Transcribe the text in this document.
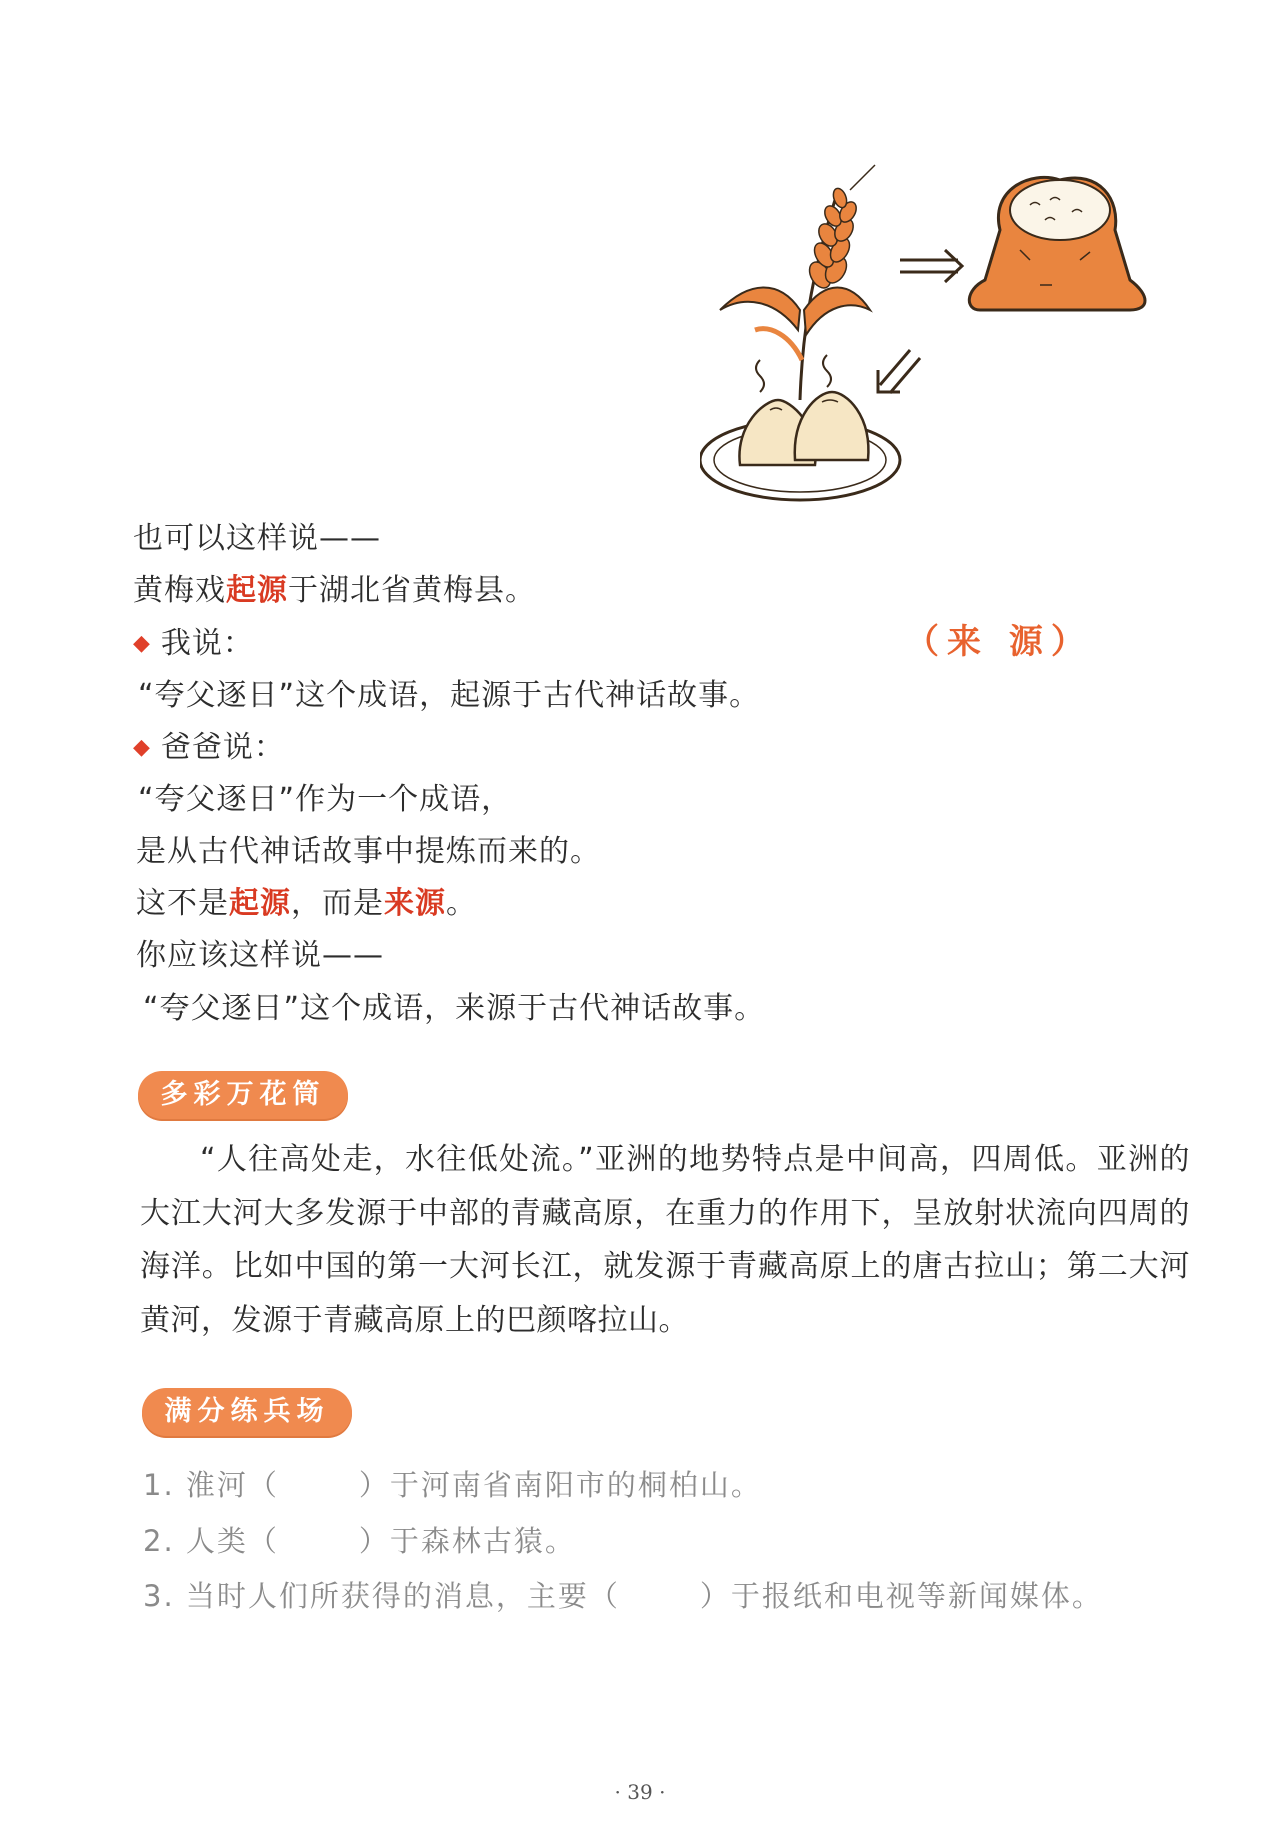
（来 源）
也可以这样说——
黄梅戏起源于湖北省黄梅县。
◆ 我说：
“夸父逐日”这个成语，起源于古代神话故事。
◆ 爸爸说：
“夸父逐日”作为一个成语，
是从古代神话故事中提炼而来的。
这不是起源，而是来源。
你应该这样说——
“夸父逐日”这个成语，来源于古代神话故事。
多彩万花筒
“人往高处走，水往低处流。”亚洲的地势特点是中间高，四周低。亚洲的大江大河大多发源于中部的青藏高原，在重力的作用下，呈放射状流向四周的海洋。比如中国的第一大河长江，就发源于青藏高原上的唐古拉山；第二大河黄河，发源于青藏高原上的巴颜喀拉山。
满分练兵场
1. 淮河（	）于河南省南阳市的桐柏山。
2. 人类（	）于森林古猿。
3. 当时人们所获得的消息，主要（	）于报纸和电视等新闻媒体。
· 39 ·
